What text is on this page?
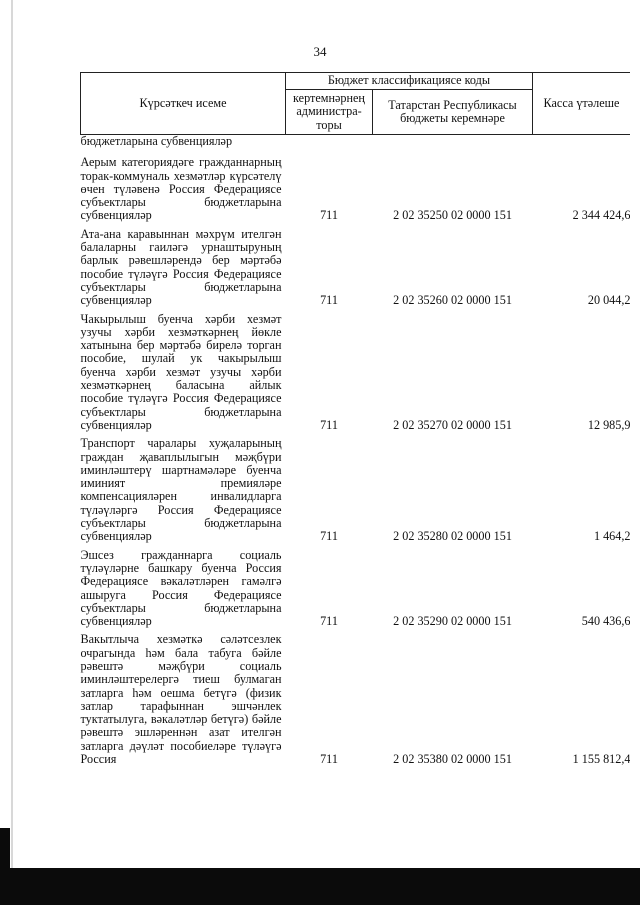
34
Күрсәткеч исеме	Бюджет классификациясе коды		Касса үтәлеше
	кертемнәрнең администра-торы	Татарстан Республикасы бюджеты керемнәре	
бюджетларына субвенцияләр			
Аерым категориядәге гражданнарның торак-коммуналь хезмәтләр күрсәтелү өчен түләвенә Россия Федерациясе субъектлары бюджетларына субвенцияләр	711	2 02 35250 02 0000 151	2 344 424,6
Ата-ана каравыннан мәхрүм ителгән балаларны гаиләгә урнаштыруның барлык рәвешләрендә бер мәртәбә пособие түләүгә Россия Федерациясе субъектлары бюджетларына субвенцияләр	711	2 02 35260 02 0000 151	20 044,2
Чакырылыш буенча хәрби хезмәт узучы хәрби хезмәткәрнең йөкле хатынына бер мәртәбә бирелә торган пособие, шулай ук чакырылыш буенча хәрби хезмәт узучы хәрби хезмәткәрнең баласына айлык пособие түләүгә Россия Федерациясе субъектлары бюджетларына субвенцияләр	711	2 02 35270 02 0000 151	12 985,9
Транспорт чаралары хуҗаларының граждан җаваплылыгын мәҗбүри иминләштерү шартнамәләре буенча иминият премияләре компенсацияләрен инвалидларга түләүләргә Россия Федерациясе субъектлары бюджетларына субвенцияләр	711	2 02 35280 02 0000 151	1 464,2
Эшсез гражданнарга социаль түләүләрне башкару буенча Россия Федерациясе вәкаләтләрен гамәлгә ашыруга Россия Федерациясе субъектлары бюджетларына субвенцияләр	711	2 02 35290 02 0000 151	540 436,6
Вакытлыча хезмәткә сәләтсезлек очрагында һәм бала табуга бәйле рәвештә мәҗбүри социаль иминләштерелергә тиеш булмаган затларга һәм оешма бетүгә (физик затлар тарафыннан эшчәнлек туктатылуга, вәкаләтләр бетүгә) бәйле рәвештә эшләреннән азат ителгән затларга дәүләт пособиеләре түләүгә Россия	711	2 02 35380 02 0000 151	1 155 812,4
